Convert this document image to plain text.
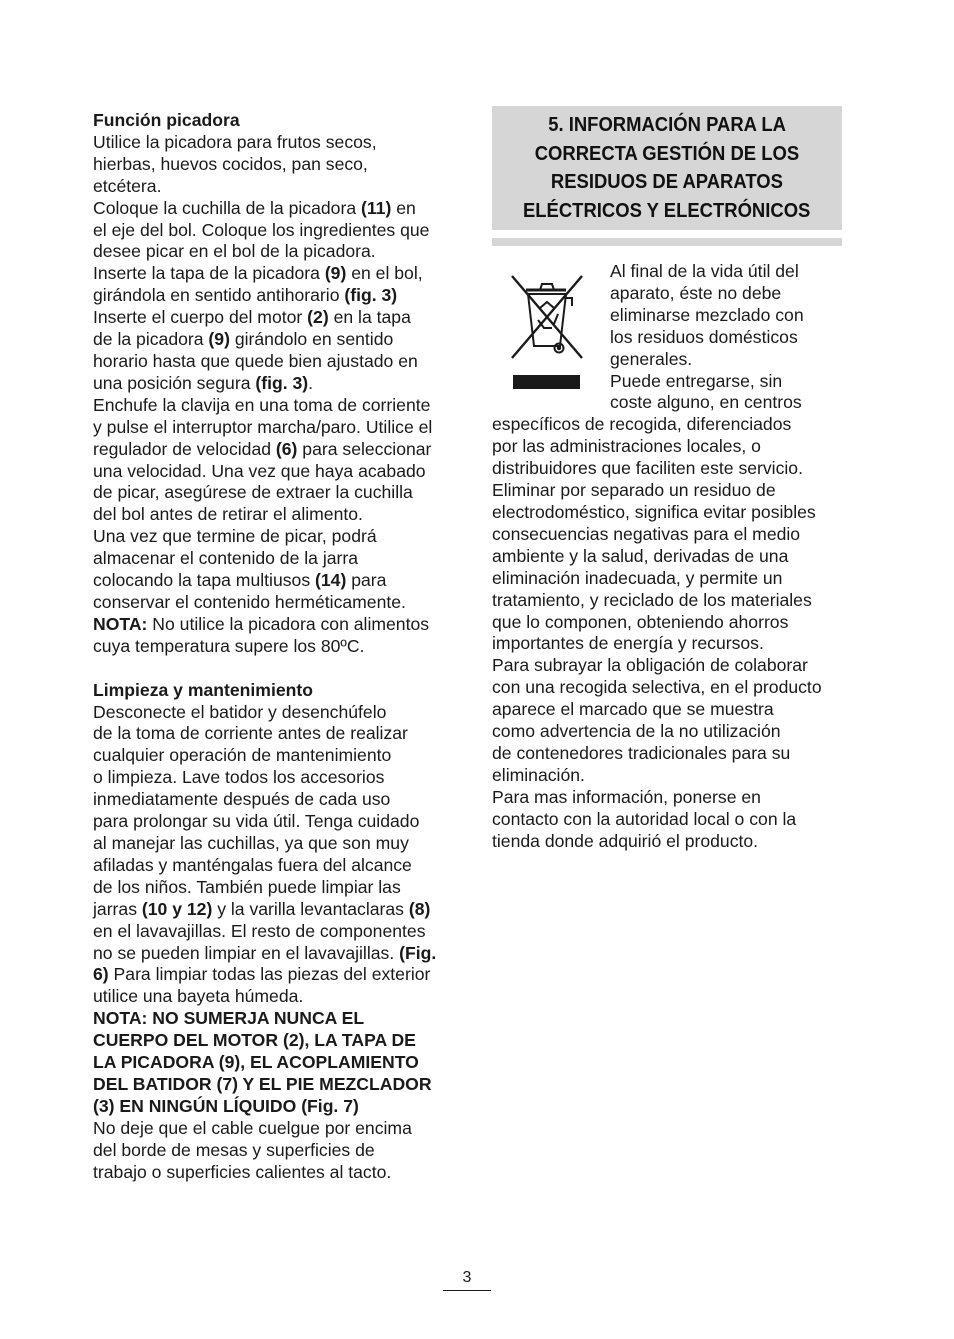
Función picadora
Utilice la picadora para frutos secos,
hierbas, huevos cocidos, pan seco,
etcétera.
Coloque la cuchilla de la picadora (11) en
el eje del bol. Coloque los ingredientes que
desee picar en el bol de la picadora.
Inserte la tapa de la picadora (9) en el bol,
girándola en sentido antihorario (fig. 3)
Inserte el cuerpo del motor (2) en la tapa
de la picadora (9) girándolo en sentido
horario hasta que quede bien ajustado en
una posición segura (fig. 3).
Enchufe la clavija en una toma de corriente
y pulse el interruptor marcha/paro. Utilice el
regulador de velocidad (6) para seleccionar
una velocidad. Una vez que haya acabado
de picar, asegúrese de extraer la cuchilla
del bol antes de retirar el alimento.
Una vez que termine de picar, podrá
almacenar el contenido de la jarra
colocando la tapa multiusos (14) para
conservar el contenido herméticamente.
NOTA: No utilice la picadora con alimentos
cuya temperatura supere los 80ºC.
Limpieza y mantenimiento
Desconecte el batidor y desenchúfelo
de la toma de corriente antes de realizar
cualquier operación de mantenimiento
o limpieza. Lave todos los accesorios
inmediatamente después de cada uso
para prolongar su vida útil. Tenga cuidado
al manejar las cuchillas, ya que son muy
afiladas y manténgalas fuera del alcance
de los niños. También puede limpiar las
jarras (10 y 12) y la varilla levantaclaras (8)
en el lavavajillas. El resto de componentes
no se pueden limpiar en el lavavajillas. (Fig.
6) Para limpiar todas las piezas del exterior
utilice una bayeta húmeda.
NOTA: NO SUMERJA NUNCA EL
CUERPO DEL MOTOR (2), LA TAPA DE
LA PICADORA (9), EL ACOPLAMIENTO
DEL BATIDOR (7) Y EL PIE MEZCLADOR
(3) EN NINGÚN LÍQUIDO (Fig. 7)
No deje que el cable cuelgue por encima
del borde de mesas y superficies de
trabajo o superficies calientes al tacto.
5. INFORMACIÓN PARA LA
CORRECTA GESTIÓN DE LOS
RESIDUOS DE APARATOS
ELÉCTRICOS Y ELECTRÓNICOS
Al final de la vida útil del
aparato, éste no debe
eliminarse mezclado con
los residuos domésticos
generales.
Puede entregarse, sin
coste alguno, en centros
específicos de recogida, diferenciados
por las administraciones locales, o
distribuidores que faciliten este servicio.
Eliminar por separado un residuo de
electrodoméstico, significa evitar posibles
consecuencias negativas para el medio
ambiente y la salud, derivadas de una
eliminación inadecuada, y permite un
tratamiento, y reciclado de los materiales
que lo componen, obteniendo ahorros
importantes de energía y recursos.
Para subrayar la obligación de colaborar
con una recogida selectiva, en el producto
aparece el marcado que se muestra
como advertencia de la no utilización
de contenedores tradicionales para su
eliminación.
Para mas información, ponerse en
contacto con la autoridad local o con la
tienda donde adquirió el producto.
3
